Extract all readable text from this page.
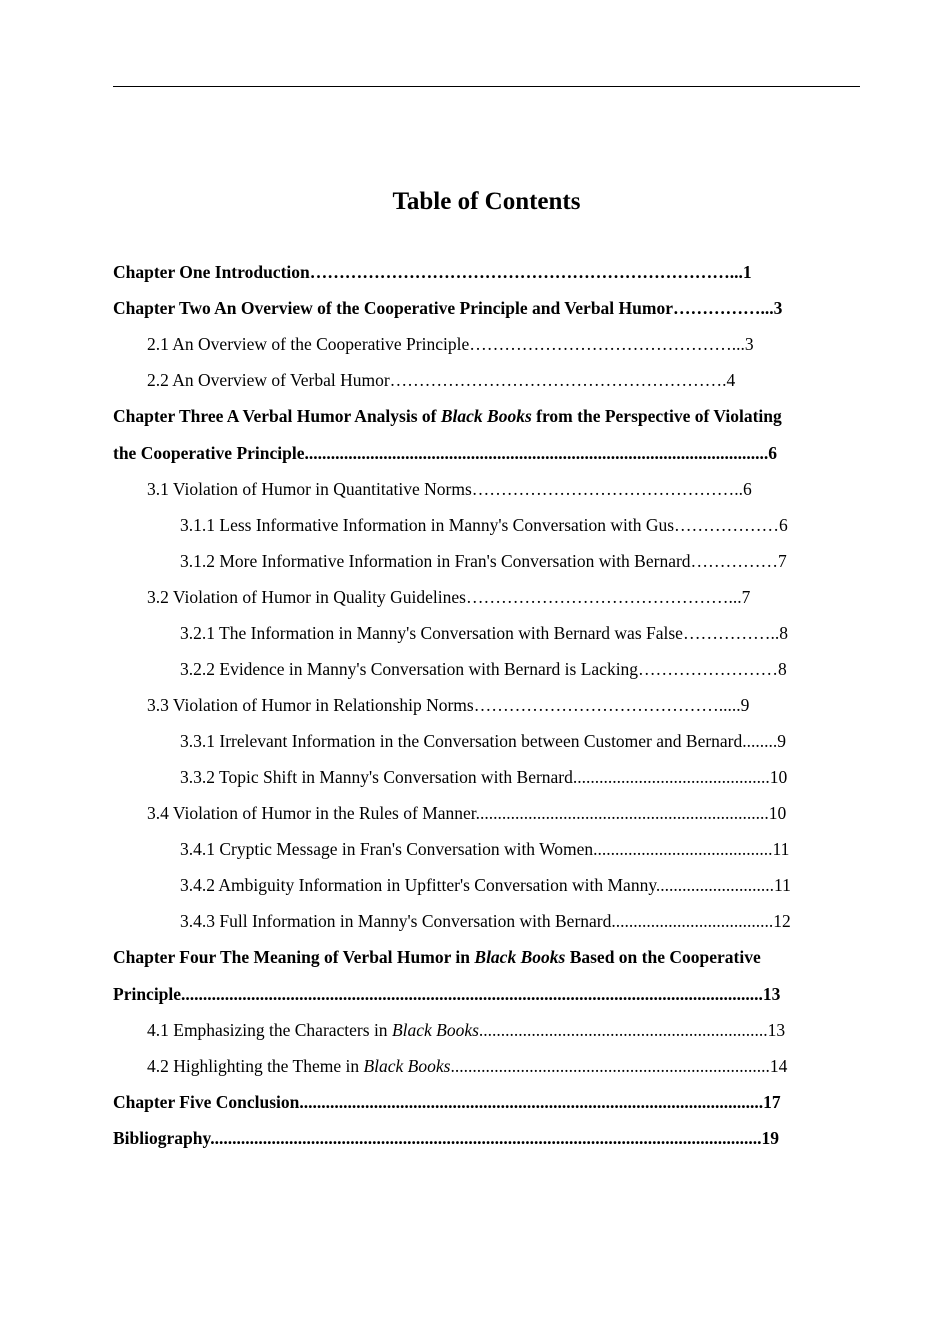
Table of Contents
Chapter One Introduction………………………………………………………………...1
Chapter Two An Overview of the Cooperative Principle and Verbal Humor……………...3
2.1 An Overview of the Cooperative Principle………………………………………...3
2.2 An Overview of Verbal Humor………………………………………………….4
Chapter Three A Verbal Humor Analysis of Black Books from the Perspective of Violating
the Cooperative Principle..........................................................................................................6
3.1 Violation of Humor in Quantitative Norms………………………………………..6
3.1.1 Less Informative Information in Manny's Conversation with Gus………………6
3.1.2 More Informative Information in Fran's Conversation with Bernard……………7
3.2 Violation of Humor in Quality Guidelines………………………………………...7
3.2.1 The Information in Manny's Conversation with Bernard was False……………..8
3.2.2 Evidence in Manny's Conversation with Bernard is Lacking……………………8
3.3 Violation of Humor in Relationship Norms…………………………………….....9
3.3.1 Irrelevant Information in the Conversation between Customer and Bernard........9
3.3.2 Topic Shift in Manny's Conversation with Bernard.............................................10
3.4 Violation of Humor in the Rules of Manner...................................................................10
3.4.1 Cryptic Message in Fran's Conversation with Women.........................................11
3.4.2 Ambiguity Information in Upfitter's Conversation with Manny...........................11
3.4.3 Full Information in Manny's Conversation with Bernard.....................................12
Chapter Four The Meaning of Verbal Humor in Black Books Based on the Cooperative
Principle.....................................................................................................................................13
4.1 Emphasizing the Characters in Black Books..................................................................13
4.2 Highlighting the Theme in Black Books.........................................................................14
Chapter Five Conclusion..........................................................................................................17
Bibliography..............................................................................................................................19
